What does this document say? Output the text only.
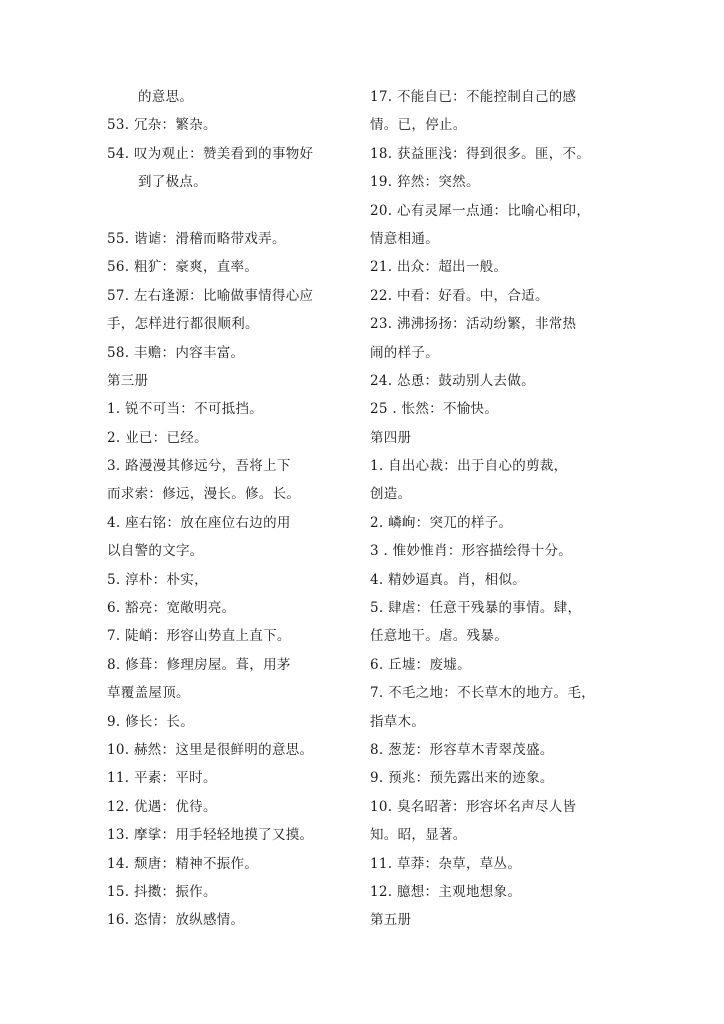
的意思。
53. 冗杂：繁杂。
54. 叹为观止：赞美看到的事物好
到了极点。
55. 谐谑：滑稽而略带戏弄。
56. 粗犷：豪爽，直率。
57. 左右逢源：比喻做事情得心应
手，怎样进行都很顺利。
58. 丰赡：内容丰富。
第三册
1. 锐不可当：不可抵挡。
2. 业已：已经。
3. 路漫漫其修远兮，吾将上下
而求索：修远，漫长。修。长。
4. 座右铭：放在座位右边的用
以自警的文字。
5. 淳朴：朴实，
6. 豁亮：宽敞明亮。
7. 陡峭：形容山势直上直下。
8. 修葺：修理房屋。葺，用茅
草覆盖屋顶。
9. 修长：长。
10. 赫然：这里是很鲜明的意思。
11. 平素：平时。
12. 优遇：优待。
13. 摩挲：用手轻轻地摸了又摸。
14. 颓唐：精神不振作。
15. 抖擞：振作。
16. 恣情：放纵感情。
17. 不能自已：不能控制自己的感
情。已，停止。
18. 获益匪浅：得到很多。匪，不。
19. 猝然：突然。
20. 心有灵犀一点通：比喻心相印，
情意相通。
21. 出众：超出一般。
22. 中看：好看。中，合适。
23. 沸沸扬扬：活动纷繁，非常热
闹的样子。
24. 怂恿：鼓动别人去做。
25 . 怅然：不愉快。
第四册
1. 自出心裁：出于自心的剪裁，
创造。
2. 嶙峋：突兀的样子。
3 . 惟妙惟肖：形容描绘得十分。
4. 精妙逼真。肖，相似。
5. 肆虐：任意干残暴的事情。肆，
任意地干。虐。残暴。
6. 丘墟：废墟。
7. 不毛之地：不长草木的地方。毛，
指草木。
8. 葱茏：形容草木青翠茂盛。
9. 预兆：预先露出来的迹象。
10. 臭名昭著：形容坏名声尽人皆
知。昭，显著。
11. 草莽：杂草，草丛。
12. 臆想：主观地想象。
第五册
